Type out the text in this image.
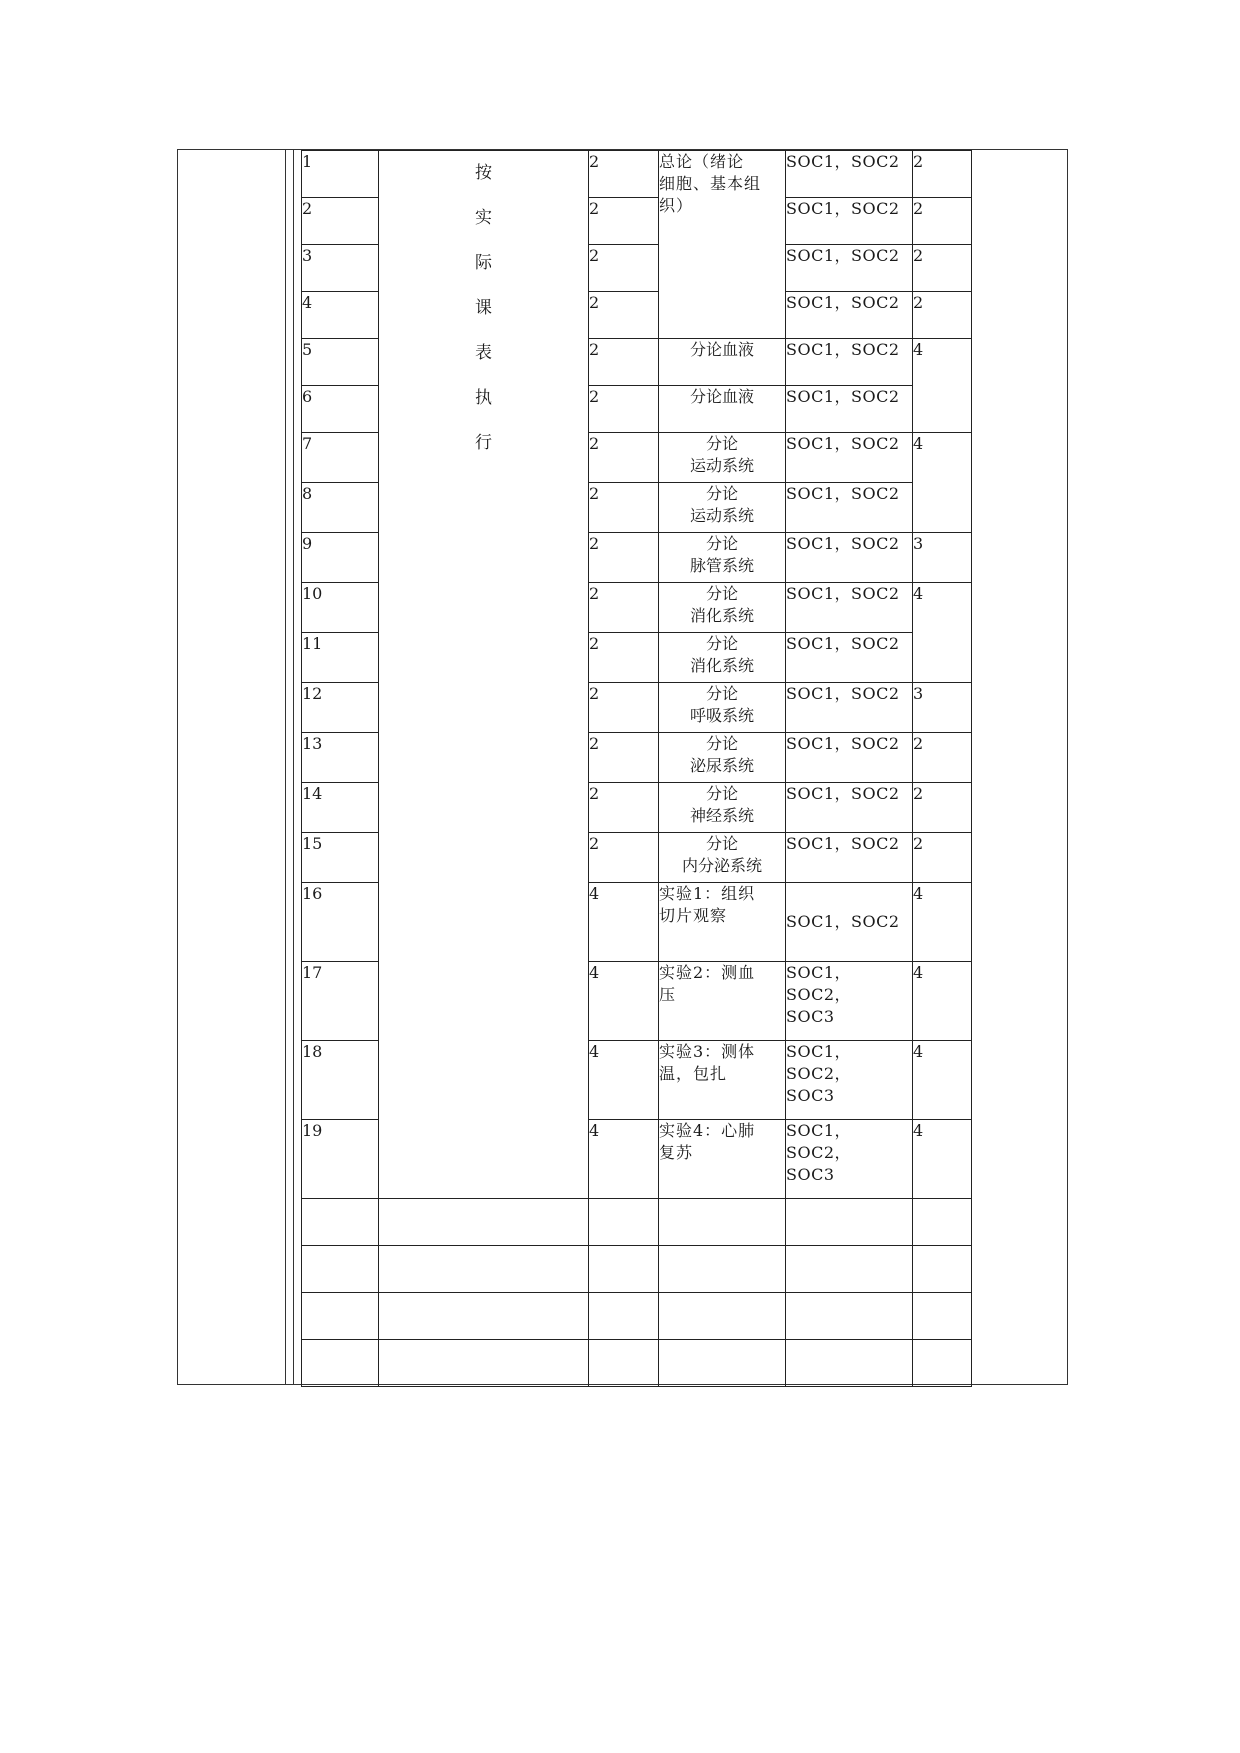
1	按实际课表执行	2	总论（绪论
细胞、基本组
织）	SOC1，SOC2	2
2		2		SOC1，SOC2	2
3		2		SOC1，SOC2	2
4		2		SOC1，SOC2	2
5		2	分论血液	SOC1，SOC2	4
6		2	分论血液	SOC1，SOC2	
7		2	分论
运动系统	SOC1，SOC2	4
8		2	分论
运动系统	SOC1，SOC2	
9		2	分论
脉管系统	SOC1，SOC2	3
10		2	分论
消化系统	SOC1，SOC2	4
11		2	分论
消化系统	SOC1，SOC2	
12		2	分论
呼吸系统	SOC1，SOC2	3
13		2	分论
泌尿系统	SOC1，SOC2	2
14		2	分论
神经系统	SOC1，SOC2	2
15		2	分论
内分泌系统	SOC1，SOC2	2
16		4	实验1：组织
切片观察	SOC1，SOC2	4
17		4	实验2：测血
压	SOC1，SOC2，
SOC3	4
18		4	实验3：测体
温，包扎	SOC1，SOC2，
SOC3	4
19		4	实验4：心肺
复苏	SOC1，SOC2，
SOC3	4
